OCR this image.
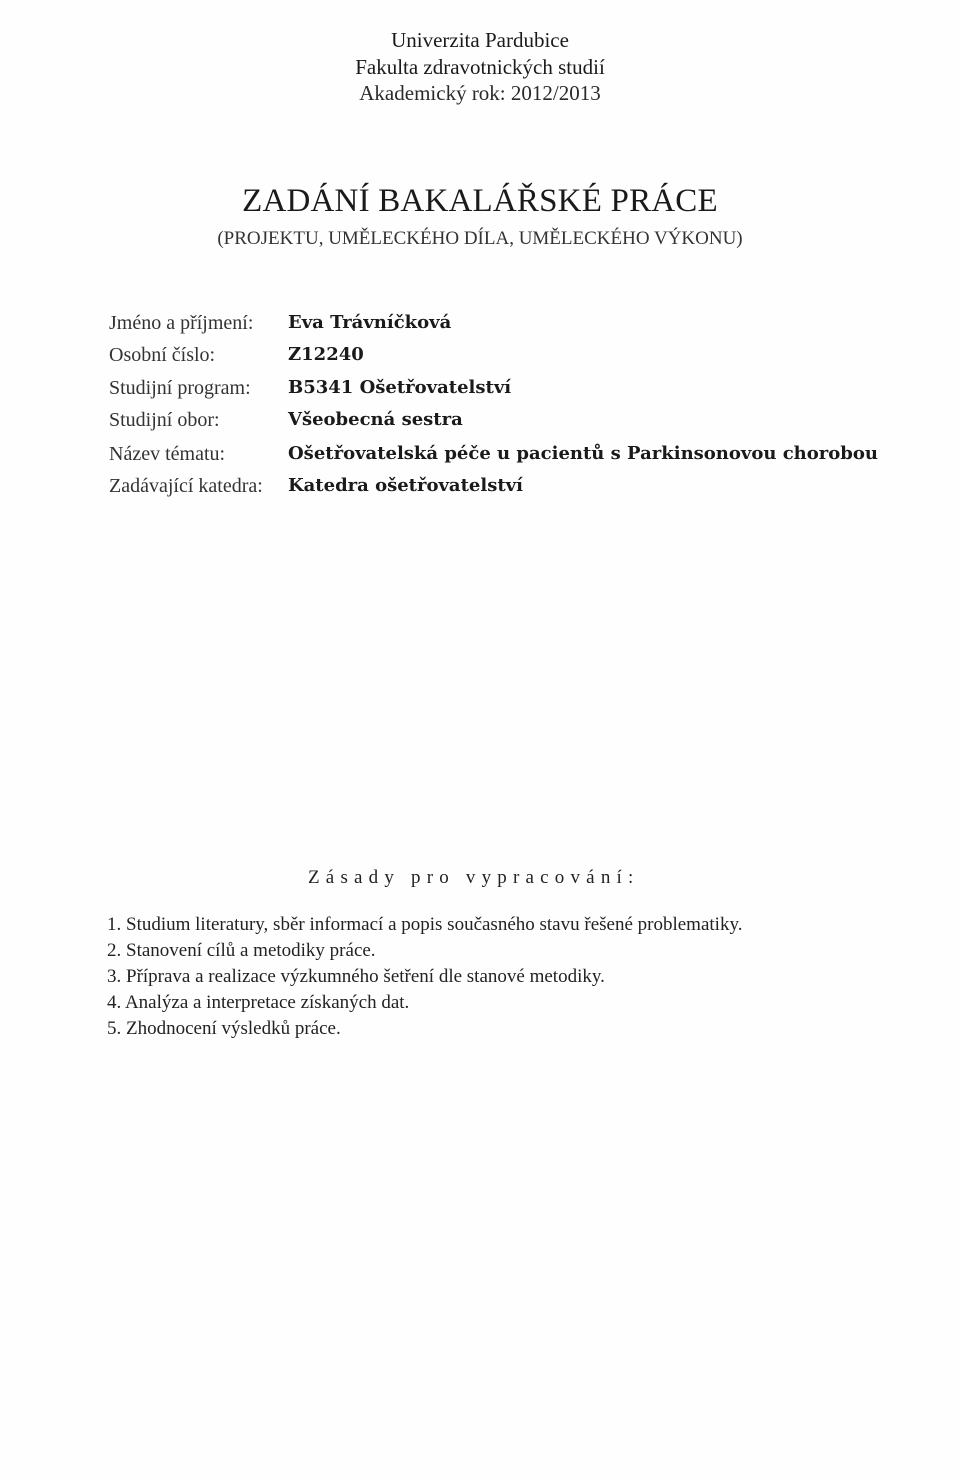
Univerzita Pardubice
Fakulta zdravotnických studií
Akademický rok: 2012/2013
ZADÁNÍ BAKALÁŘSKÉ PRÁCE
(PROJEKTU, UMĚLECKÉHO DÍLA, UMĚLECKÉHO VÝKONU)
Jméno a příjmení: Eva Trávníčková
Osobní číslo:	Z12240
Studijní program: B5341 Ošetřovatelství
Studijní obor:	Všeobecná sestra
Název tématu:	Ošetřovatelská péče u pacientů s Parkinsonovou chorobou
Zadávající katedra: Katedra ošetřovatelství
Zásady pro vypracování:
1. Studium literatury, sběr informací a popis současného stavu řešené problematiky.
2. Stanovení cílů a metodiky práce.
3. Příprava a realizace výzkumného šetření dle stanové metodiky.
4. Analýza a interpretace získaných dat.
5. Zhodnocení výsledků práce.
